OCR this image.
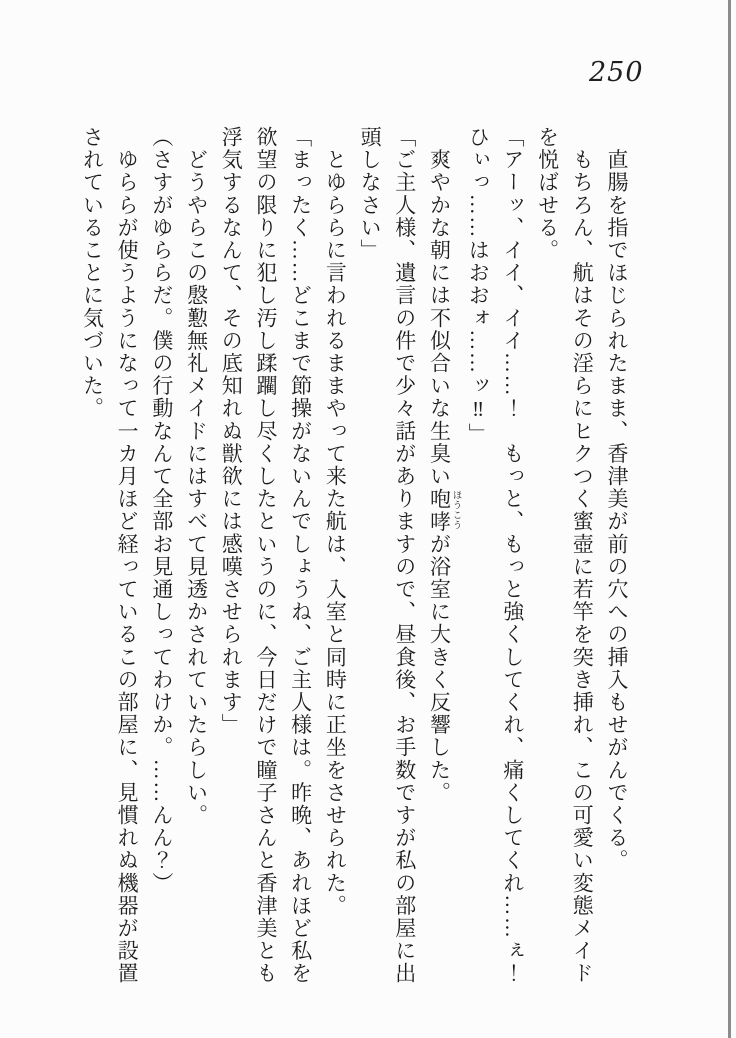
250

　直腸を指でほじられたまま、香津美が前の穴への挿入もせがんでくる。

　もちろん、航はその淫らにヒクつく蜜壺に若竿を突き挿れ、この可愛い変態メイド

を悦ばせる。

「アーッ、イイ、イイ……！　もっと、もっと強くしてくれ、痛くしてくれ……ぇ！

ひぃっ……はおおォ……ッ‼」

　爽やかな朝には不似合いな生臭い咆哮 ほうこうが浴室に大きく反響した。

「ご主人様、遺言の件で少々話がありますので、昼食後、お手数ですが私の部屋に出

頭しなさい」

　とゆららに言われるままやって来た航は、入室と同時に正坐をさせられた。

「まったく……どこまで節操がないんでしょうね、ご主人様は。昨晩、あれほど私を

欲望の限りに犯し汚し蹂躙し尽くしたというのに、今日だけで瞳子さんと香津美とも

浮気するなんて、その底知れぬ獣欲には感嘆させられます」

　どうやらこの慇懃無礼メイドにはすべて見透かされていたらしい。

（さすがゆららだ。僕の行動なんて全部お見通しってわけか。……んん？）

　ゆららが使うようになって一カ月ほど経っているこの部屋に、見慣れぬ機器が設置

されていることに気づいた。
